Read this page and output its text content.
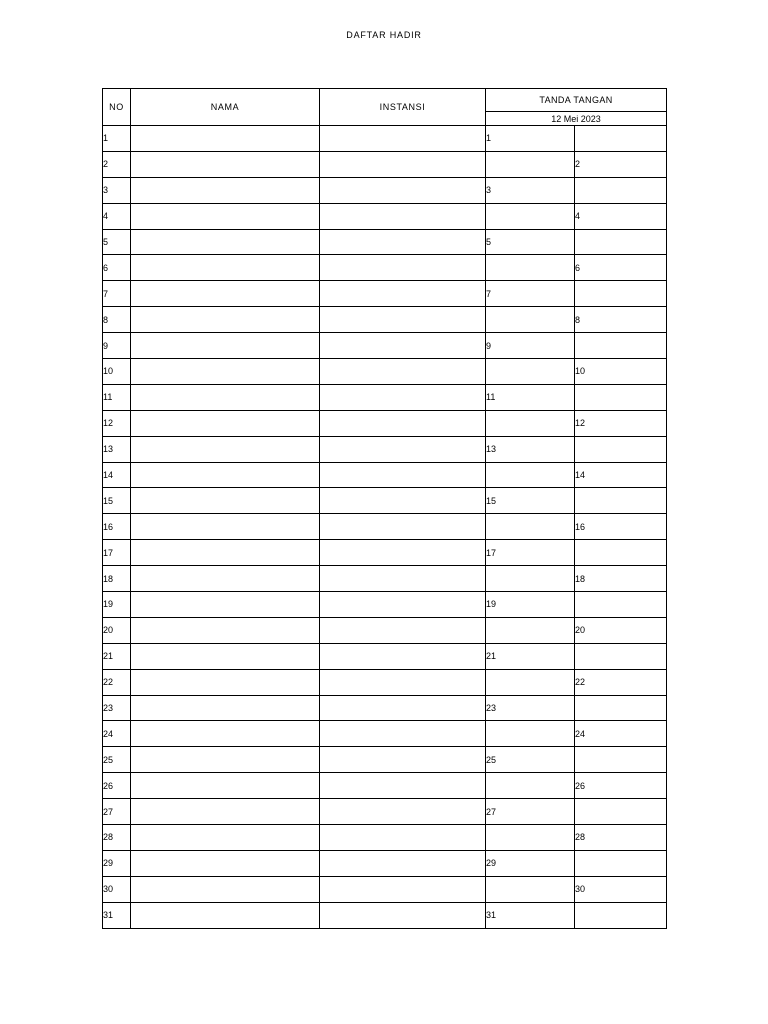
DAFTAR HADIR
NO	NAMA	INSTANSI	TANDA TANGAN	
			12 Mei 2023	
1			1	
2				2
3			3	
4				4
5			5	
6				6
7			7	
8				8
9			9	
10				10
11			11	
12				12
13			13	
14				14
15			15	
16				16
17			17	
18				18
19			19	
20				20
21			21	
22				22
23			23	
24				24
25			25	
26				26
27			27	
28				28
29			29	
30				30
31			31	
